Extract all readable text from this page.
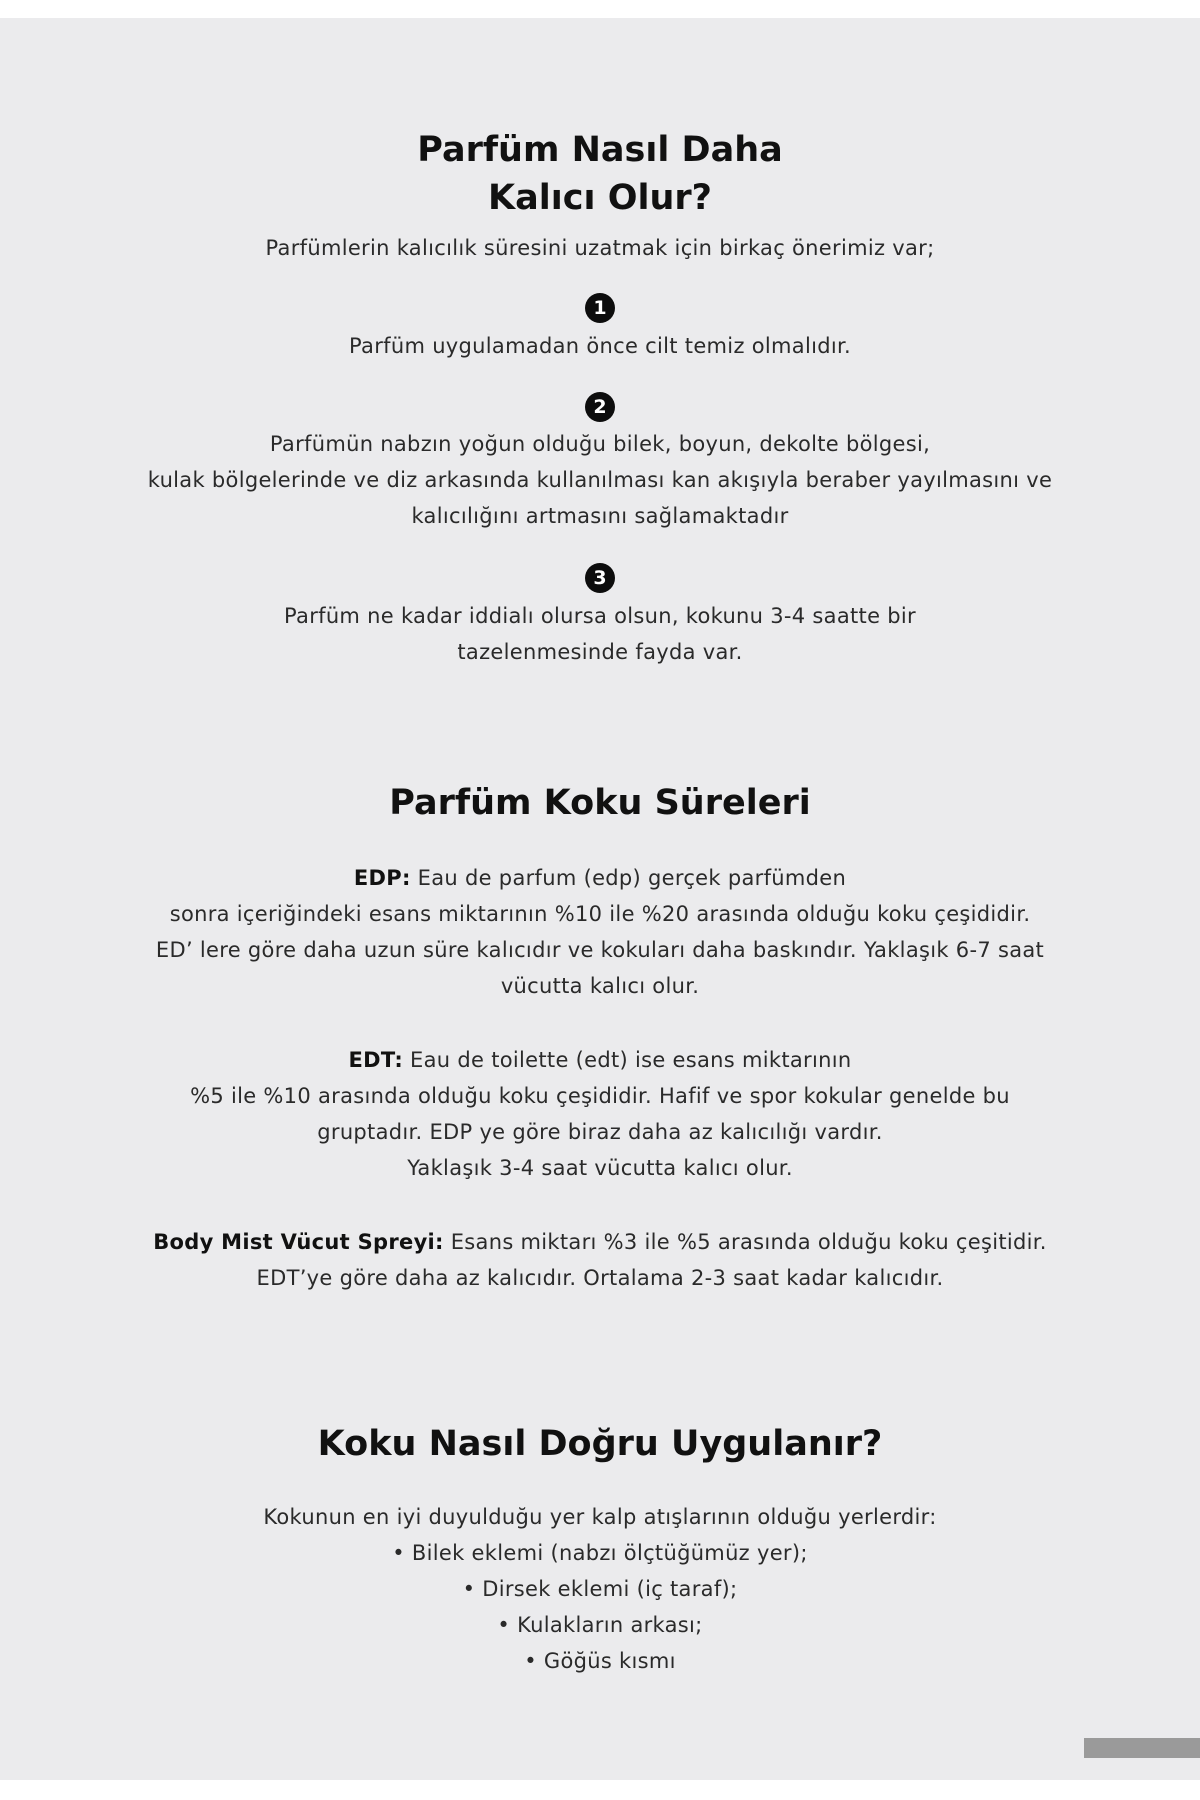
Parfüm Nasıl Daha
Kalıcı Olur?

Parfümlerin kalıcılık süresini uzatmak için birkaç önerimiz var;

1

Parfüm uygulamadan önce cilt temiz olmalıdır.

2

Parfümün nabzın yoğun olduğu bilek, boyun, dekolte bölgesi,
kulak bölgelerinde ve diz arkasında kullanılması kan akışıyla beraber yayılmasını ve
kalıcılığını artmasını sağlamaktadır

3

Parfüm ne kadar iddialı olursa olsun, kokunu 3-4 saatte bir
tazelenmesinde fayda var.

Parfüm Koku Süreleri

EDP: Eau de parfum (edp) gerçek parfümden
sonra içeriğindeki esans miktarının %10 ile %20 arasında olduğu koku çeşididir.
ED’ lere göre daha uzun süre kalıcıdır ve kokuları daha baskındır. Yaklaşık 6-7 saat
vücutta kalıcı olur.

EDT: Eau de toilette (edt) ise esans miktarının
%5 ile %10 arasında olduğu koku çeşididir. Hafif ve spor kokular genelde bu
gruptadır. EDP ye göre biraz daha az kalıcılığı vardır.
Yaklaşık 3-4 saat vücutta kalıcı olur.

Body Mist Vücut Spreyi: Esans miktarı %3 ile %5 arasında olduğu koku çeşitidir.
EDT’ye göre daha az kalıcıdır. Ortalama 2-3 saat kadar kalıcıdır.

Koku Nasıl Doğru Uygulanır?

Kokunun en iyi duyulduğu yer kalp atışlarının olduğu yerlerdir:
• Bilek eklemi (nabzı ölçtüğümüz yer);
• Dirsek eklemi (iç taraf);
• Kulakların arkası;
• Göğüs kısmı
